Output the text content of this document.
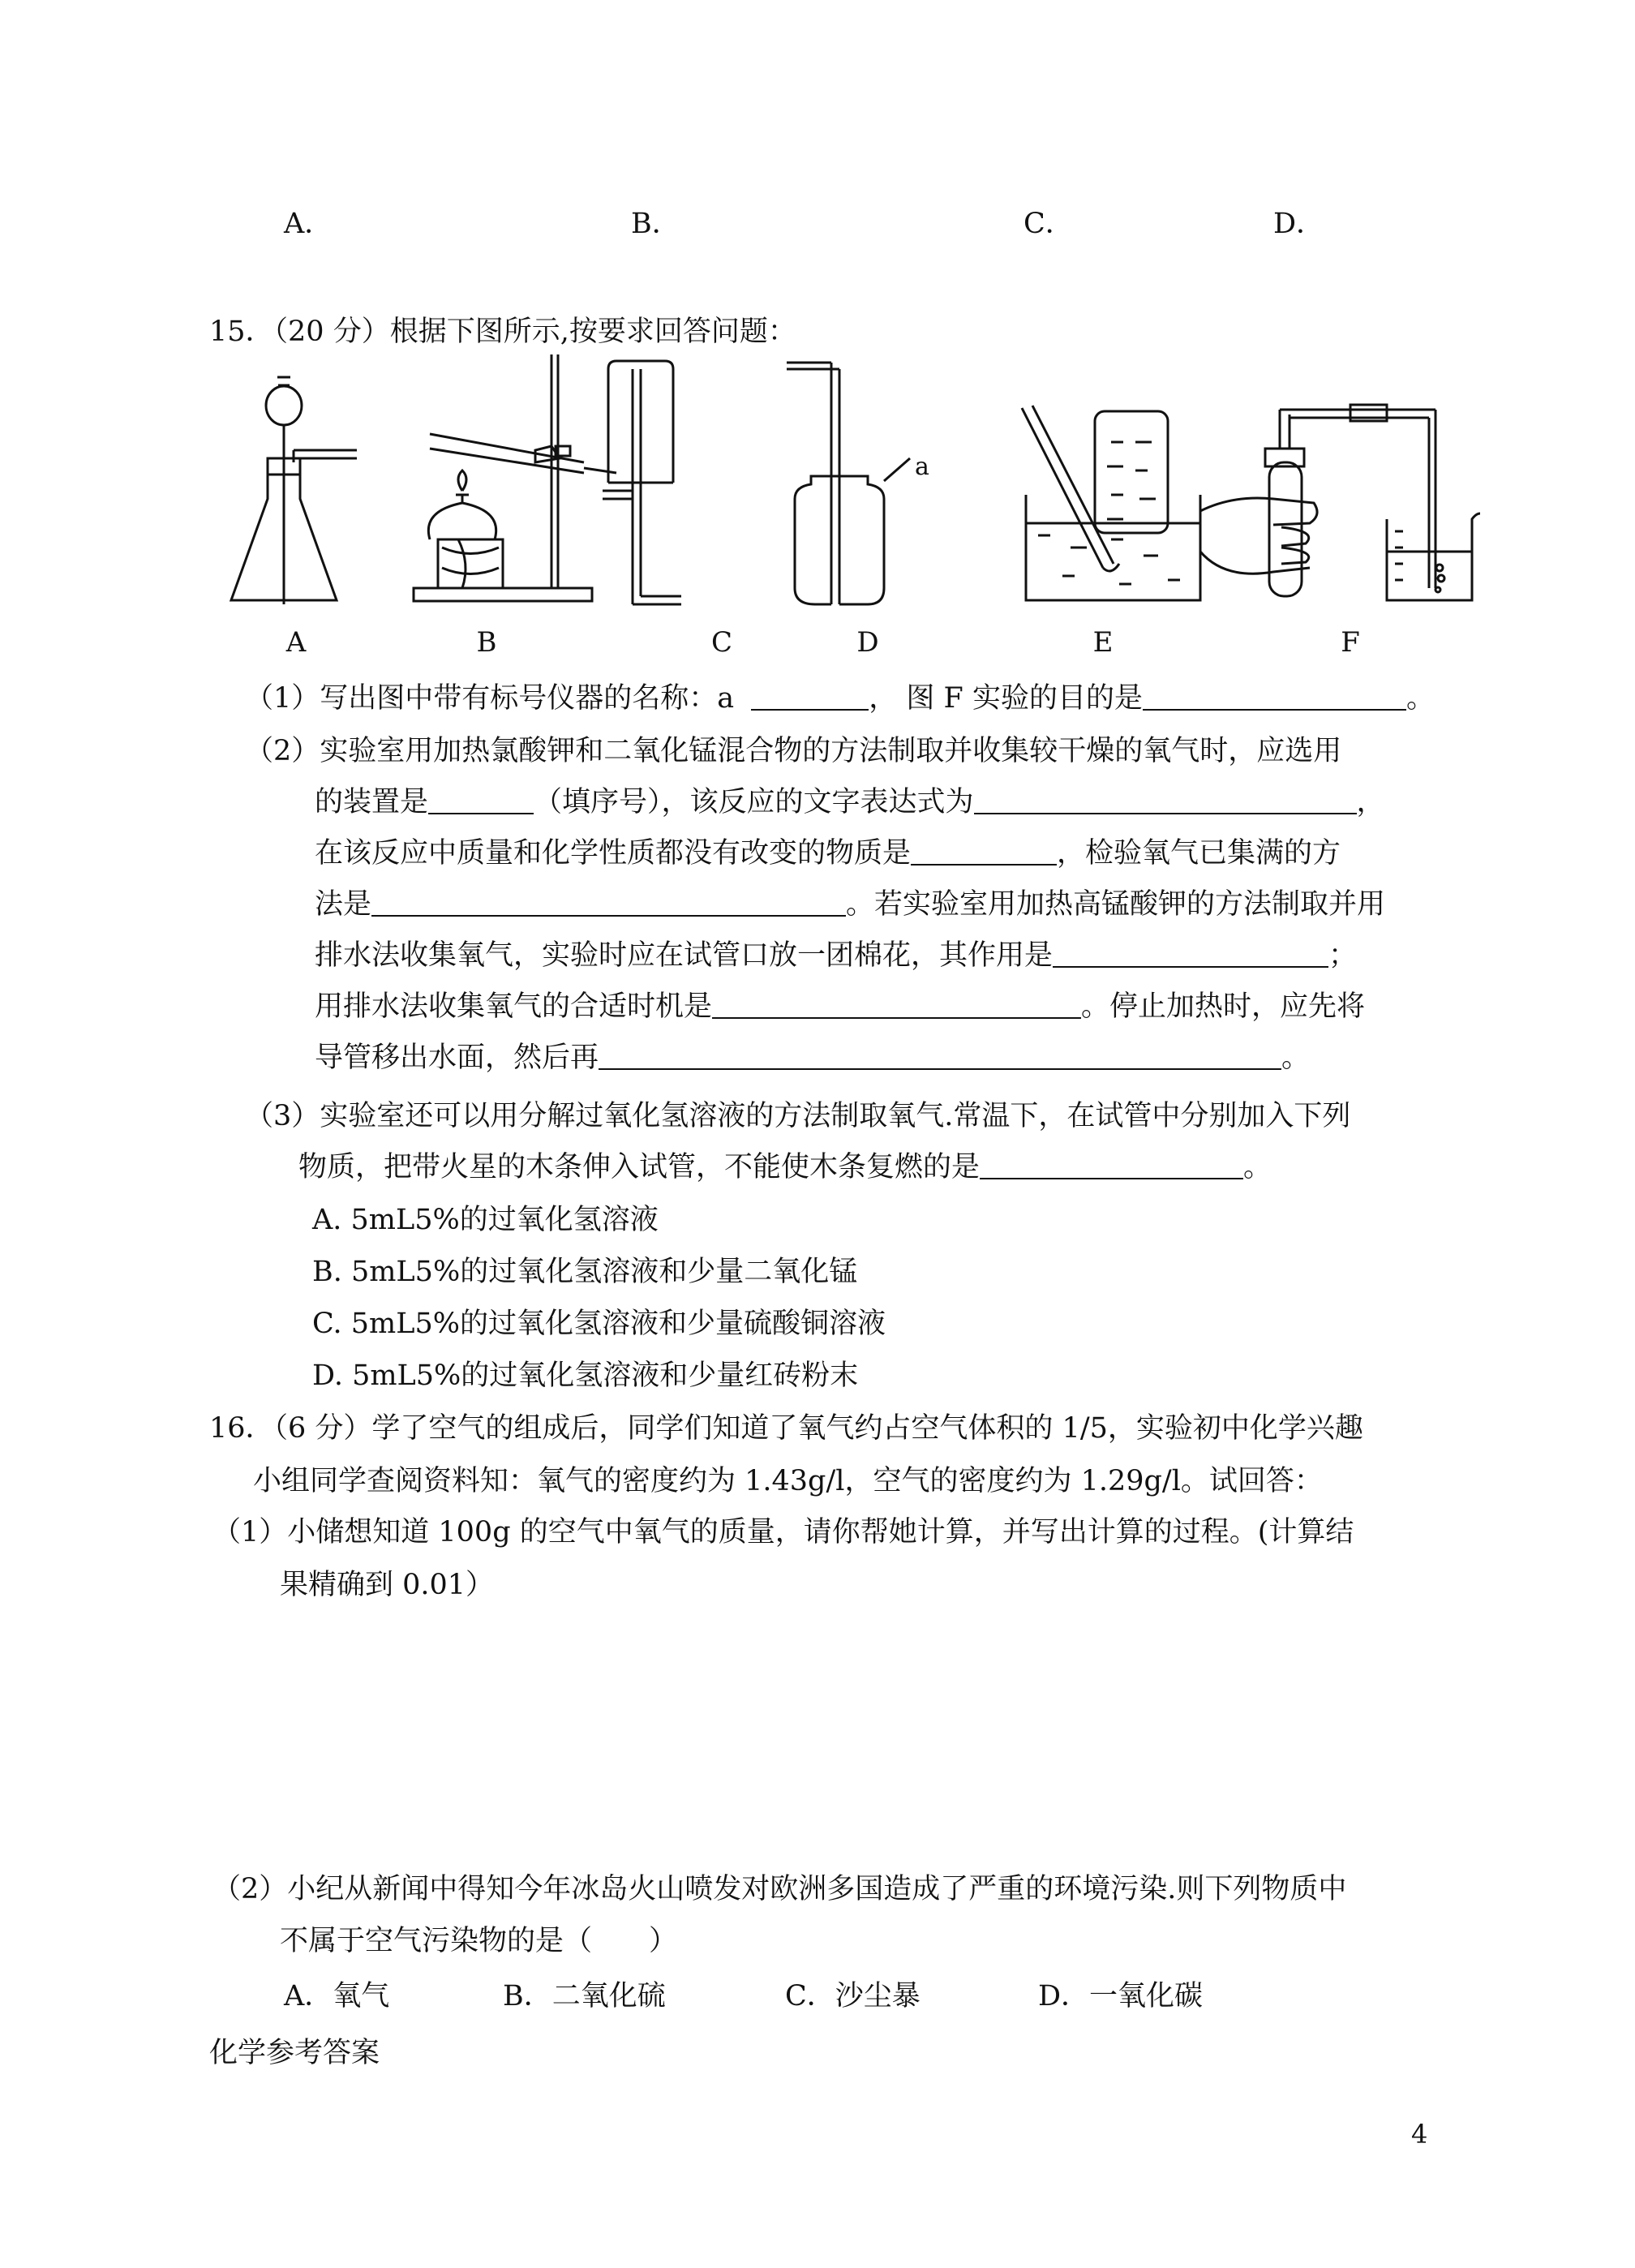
A．	B．	C．	D．
15．（20 分）根据下图所示,按要求回答问题：
a
A	B	C	D	E	F
（1）写出图中带有标号仪器的名称：a	， 图 F 实验的目的是	。
（2）实验室用加热氯酸钾和二氧化锰混合物的方法制取并收集较干燥的氧气时，应选用
的装置是	（填序号），该反应的文字表达式为	，
在该反应中质量和化学性质都没有改变的物质是	，检验氧气已集满的方
法是	。若实验室用加热高锰酸钾的方法制取并用
排水法收集氧气，实验时应在试管口放一团棉花，其作用是	；
用排水法收集氧气的合适时机是	。停止加热时，应先将
导管移出水面，然后再	。
（3）实验室还可以用分解过氧化氢溶液的方法制取氧气.常温下，在试管中分别加入下列
物质，把带火星的木条伸入试管，不能使木条复燃的是	。
A. 5mL5%的过氧化氢溶液
B. 5mL5%的过氧化氢溶液和少量二氧化锰
C. 5mL5%的过氧化氢溶液和少量硫酸铜溶液
D. 5mL5%的过氧化氢溶液和少量红砖粉末
16．（6 分）学了空气的组成后，同学们知道了氧气约占空气体积的 1/5，实验初中化学兴趣
小组同学查阅资料知：氧气的密度约为 1.43g/l，空气的密度约为 1.29g/l。试回答：
（1）小储想知道 100g 的空气中氧气的质量，请你帮她计算，并写出计算的过程。(计算结
果精确到 0.01）
（2）小纪从新闻中得知今年冰岛火山喷发对欧洲多国造成了严重的环境污染.则下列物质中
不属于空气污染物的是（　　）
A．氧气	B．二氧化硫	C．沙尘暴	D．一氧化碳
化学参考答案
4
